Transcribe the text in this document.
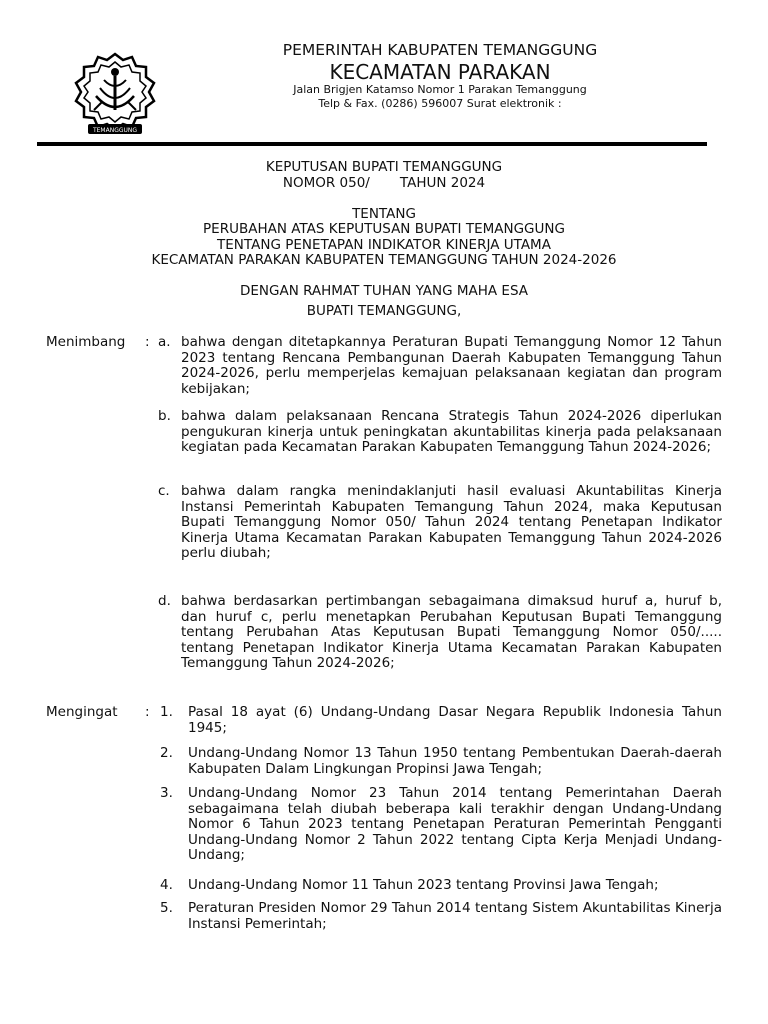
TEMANGGUNG
PEMERINTAH KABUPATEN TEMANGGUNG
KECAMATAN PARAKAN
Jalan Brigjen Katamso Nomor 1 Parakan Temanggung
Telp & Fax. (0286) 596007 Surat elektronik :
KEPUTUSAN BUPATI TEMANGGUNG
NOMOR 050/       TAHUN 2024
TENTANG
PERUBAHAN ATAS KEPUTUSAN BUPATI TEMANGGUNG
TENTANG PENETAPAN INDIKATOR KINERJA UTAMA
KECAMATAN PARAKAN KABUPATEN TEMANGGUNG TAHUN 2024-2026
DENGAN RAHMAT TUHAN YANG MAHA ESA
BUPATI TEMANGGUNG,
Menimbang : a. bahwa dengan ditetapkannya Peraturan Bupati Temanggung Nomor 12 Tahun 2023 tentang Rencana Pembangunan Daerah Kabupaten Temanggung Tahun 2024-2026, perlu memperjelas kemajuan pelaksanaan kegiatan dan program kebijakan;
b. bahwa dalam pelaksanaan Rencana Strategis Tahun 2024-2026 diperlukan pengukuran kinerja untuk peningkatan akuntabilitas kinerja pada pelaksanaan kegiatan pada Kecamatan Parakan Kabupaten Temanggung Tahun 2024-2026;
c. bahwa dalam rangka menindaklanjuti hasil evaluasi Akuntabilitas Kinerja Instansi Pemerintah Kabupaten Temangung Tahun 2024, maka Keputusan Bupati Temanggung Nomor 050/ Tahun 2024 tentang Penetapan Indikator Kinerja Utama Kecamatan Parakan Kabupaten Temanggung Tahun 2024-2026 perlu diubah;
d. bahwa berdasarkan pertimbangan sebagaimana dimaksud huruf a, huruf b, dan huruf c, perlu menetapkan Perubahan Keputusan Bupati Temanggung tentang Perubahan Atas Keputusan Bupati Temanggung Nomor 050/..... tentang Penetapan Indikator Kinerja Utama Kecamatan Parakan Kabupaten Temanggung Tahun 2024-2026;
Mengingat : 1. Pasal 18 ayat (6) Undang-Undang Dasar Negara Republik Indonesia Tahun 1945;
2. Undang-Undang Nomor 13 Tahun 1950 tentang Pembentukan Daerah-daerah Kabupaten Dalam Lingkungan Propinsi Jawa Tengah;
3. Undang-Undang Nomor 23 Tahun 2014 tentang Pemerintahan Daerah sebagaimana telah diubah beberapa kali terakhir dengan Undang-Undang Nomor 6 Tahun 2023 tentang Penetapan Peraturan Pemerintah Pengganti Undang-Undang Nomor 2 Tahun 2022 tentang Cipta Kerja Menjadi Undang-Undang;
4. Undang-Undang Nomor 11 Tahun 2023 tentang Provinsi Jawa Tengah;
5. Peraturan Presiden Nomor 29 Tahun 2014 tentang Sistem Akuntabilitas Kinerja Instansi Pemerintah;
